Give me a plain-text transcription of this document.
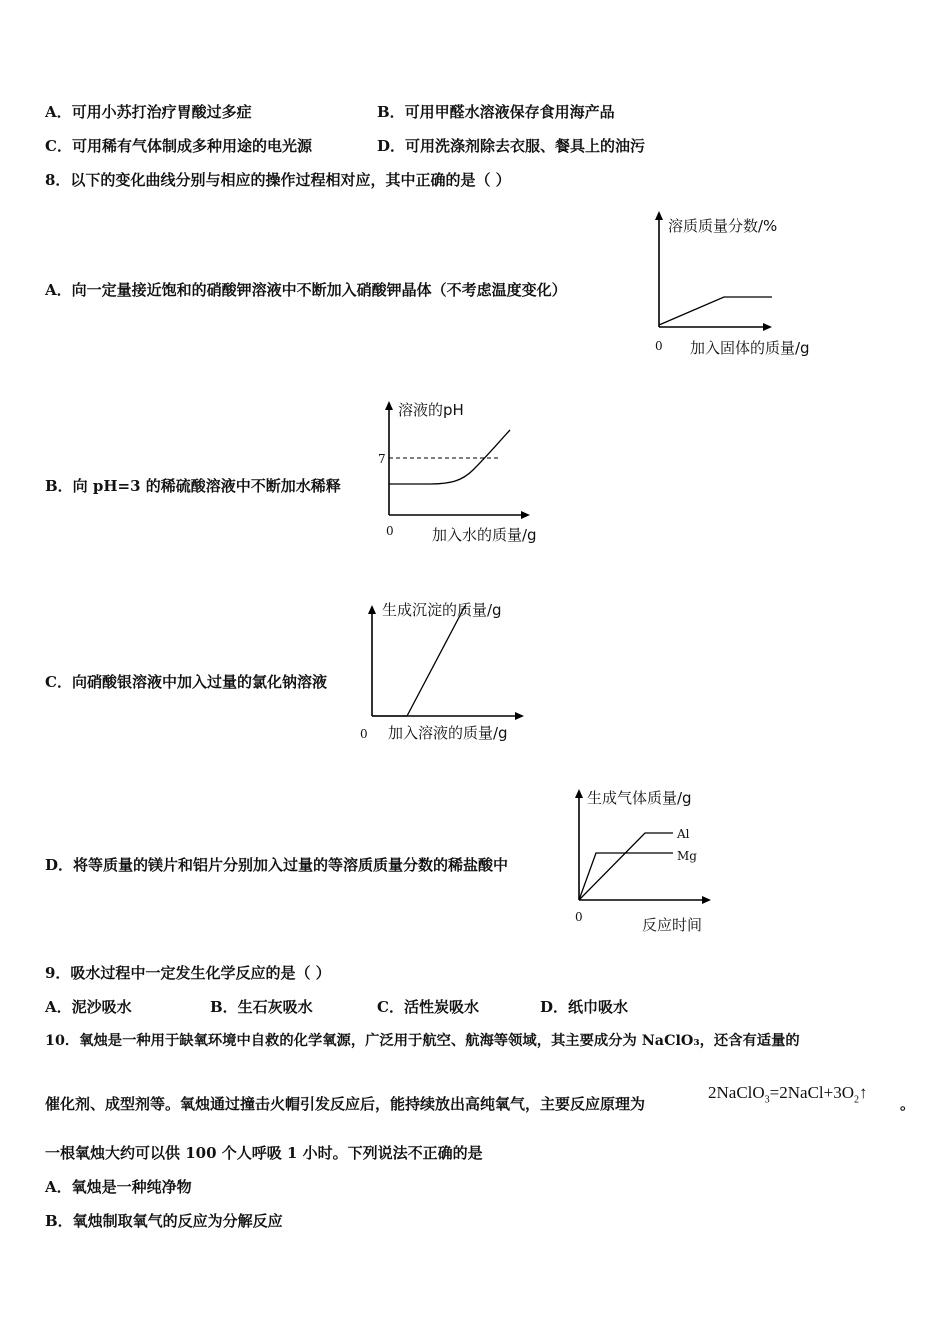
A．可用小苏打治疗胃酸过多症	B．可用甲醛水溶液保存食用海产品
C．可用稀有气体制成多种用途的电光源	D．可用洗涤剂除去衣服、餐具上的油污
8．以下的变化曲线分别与相应的操作过程相对应，其中正确的是（ ）
A．向一定量接近饱和的硝酸钾溶液中不断加入硝酸钾晶体（不考虑温度变化）
溶质质量分数/%
加入固体的质量/g
0
B．向 pH=3 的稀硫酸溶液中不断加水稀释
溶液的pH
加入水的质量/g
0
7
C．向硝酸银溶液中加入过量的氯化钠溶液
生成沉淀的质量/g
加入溶液的质量/g
0
D．将等质量的镁片和铝片分别加入过量的等溶质质量分数的稀盐酸中
生成气体质量/g
反应时间
0
Al
Mg
9．吸水过程中一定发生化学反应的是（ ）
A．泥沙吸水	B．生石灰吸水	C．活性炭吸水	D．纸巾吸水
10．氧烛是一种用于缺氧环境中自救的化学氧源，广泛用于航空、航海等领域，其主要成分为 NaClO₃，还含有适量的
催化剂、成型剂等。氧烛通过撞击火帽引发反应后，能持续放出高纯氧气，主要反应原理为
$2NaClO_3=2NaCl+3O_2↑$
。
一根氧烛大约可以供 100 个人呼吸 1 小时。下列说法不正确的是
A．氧烛是一种纯净物
B．氧烛制取氧气的反应为分解反应
